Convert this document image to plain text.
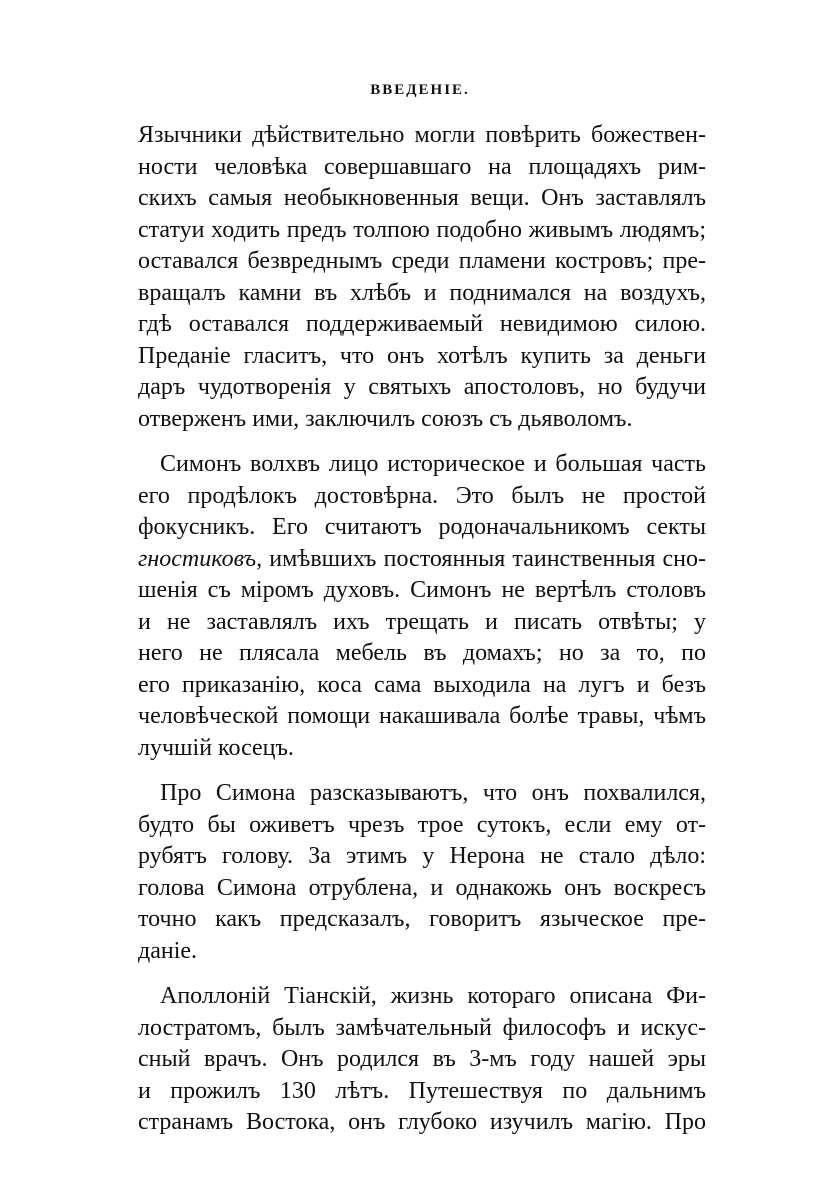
ВВЕДЕНIЕ.
Язычники дѣйствительно могли повѣрить божествен-
ности человѣка совершавшаго на площадяхъ рим-
скихъ самыя необыкновенныя вещи. Онъ заставлялъ
статуи ходить предъ толпою подобно живымъ людямъ;
оставался безвреднымъ среди пламени костровъ; пре-
вращалъ камни въ хлѣбъ и поднимался на воздухъ,
гдѣ оставался поддерживаемый невидимою силою.
Преданіе гласитъ, что онъ хотѣлъ купить за деньги
даръ чудотворенія у святыхъ апостоловъ, но будучи
отверженъ ими, заключилъ союзъ съ дьяволомъ.
Симонъ волхвъ лицо историческое и большая часть
его продѣлокъ достовѣрна. Это былъ не простой
фокусникъ. Его считаютъ родоначальникомъ секты
гностиковъ, имѣвшихъ постоянныя таинственныя сно-
шенія съ міромъ духовъ. Симонъ не вертѣлъ столовъ
и не заставлялъ ихъ трещать и писать отвѣты; у
него не плясала мебель въ домахъ; но за то, по
его приказанію, коса сама выходила на лугъ и безъ
человѣческой помощи накашивала болѣе травы, чѣмъ
лучшій косецъ.
Про Симона разсказываютъ, что онъ похвалился,
будто бы оживетъ чрезъ трое сутокъ, если ему от-
рубятъ голову. За этимъ у Нерона не стало дѣло:
голова Симона отрублена, и однакожь онъ воскресъ
точно какъ предсказалъ, говоритъ языческое пре-
даніе.
Аполлоній Тіанскій, жизнь котораго описана Фи-
лостратомъ, былъ замѣчательный философъ и искус-
сный врачъ. Онъ родился въ 3-мъ году нашей эры
и прожилъ 130 лѣтъ. Путешествуя по дальнимъ
странамъ Востока, онъ глубоко изучилъ магію. Про
